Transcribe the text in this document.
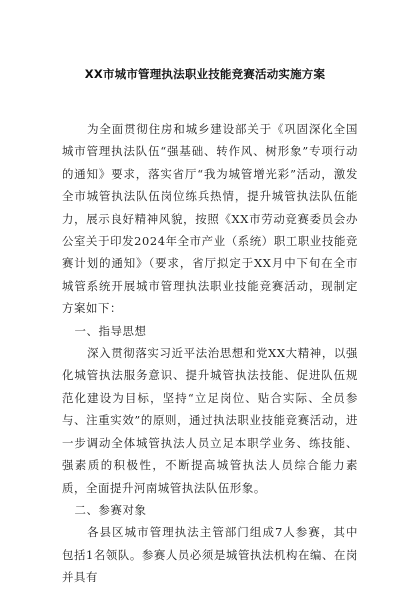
XX市城市管理执法职业技能竞赛活动实施方案

为全面贯彻住房和城乡建设部关于《巩固深化全国城市管理执法队伍“强基础、转作风、树形象”专项行动的通知》要求，落实省厅“我为城管增光彩”活动，激发全市城管执法队伍岗位练兵热情，提升城管执法队伍能力，展示良好精神风貌，按照《XX市劳动竞赛委员会办公室关于印发2024年全市产业（系统）职工职业技能竞赛计划的通知》（要求，省厅拟定于XX月中下旬在全市城管系统开展城市管理执法职业技能竞赛活动，现制定方案如下：

一、指导思想

深入贯彻落实习近平法治思想和党XX大精神，以强化城管执法服务意识、提升城管执法技能、促进队伍规范化建设为目标，坚持“立足岗位、贴合实际、全员参与、注重实效”的原则，通过执法职业技能竞赛活动，进一步调动全体城管执法人员立足本职学业务、练技能、强素质的积极性，不断提高城管执法人员综合能力素质，全面提升河南城管执法队伍形象。

二、参赛对象

各县区城市管理执法主管部门组成7人参赛，其中包括1名领队。参赛人员必须是城管执法机构在编、在岗并具有
